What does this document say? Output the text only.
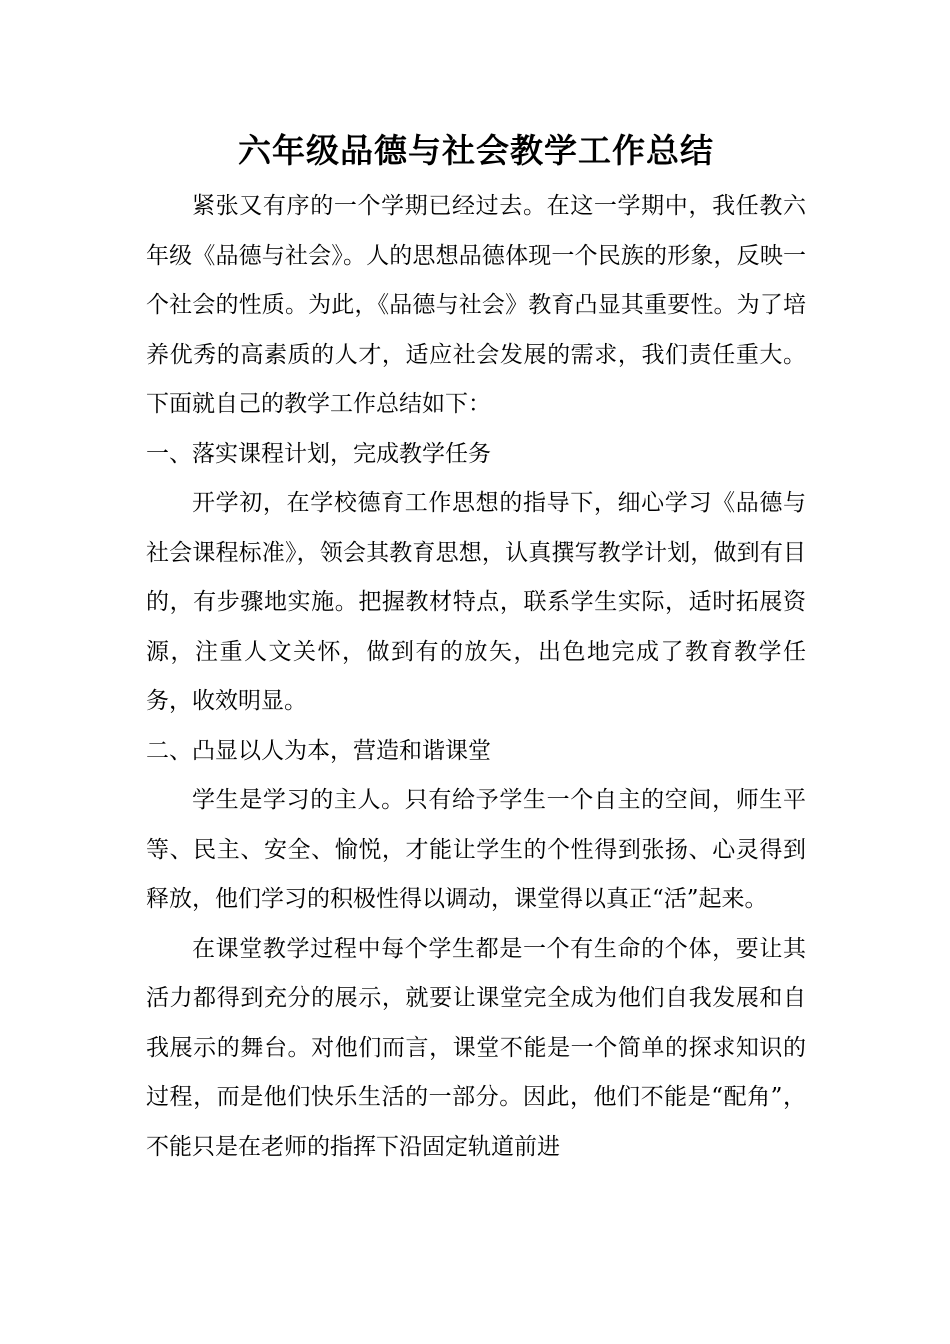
六年级品德与社会教学工作总结

紧张又有序的一个学期已经过去。在这一学期中，我任教六年级《品德与社会》。人的思想品德体现一个民族的形象，反映一个社会的性质。为此，《品德与社会》教育凸显其重要性。为了培养优秀的高素质的人才，适应社会发展的需求，我们责任重大。下面就自己的教学工作总结如下：

一、落实课程计划，完成教学任务

开学初，在学校德育工作思想的指导下，细心学习《品德与社会课程标准》，领会其教育思想，认真撰写教学计划，做到有目的，有步骤地实施。把握教材特点，联系学生实际，适时拓展资源，注重人文关怀，做到有的放矢，出色地完成了教育教学任务，收效明显。

二、凸显以人为本，营造和谐课堂

学生是学习的主人。只有给予学生一个自主的空间，师生平等、民主、安全、愉悦，才能让学生的个性得到张扬、心灵得到释放，他们学习的积极性得以调动，课堂得以真正“活”起来。

在课堂教学过程中每个学生都是一个有生命的个体，要让其活力都得到充分的展示，就要让课堂完全成为他们自我发展和自我展示的舞台。对他们而言，课堂不能是一个简单的探求知识的过程，而是他们快乐生活的一部分。因此，他们不能是“配角”，不能只是在老师的指挥下沿固定轨道前进
